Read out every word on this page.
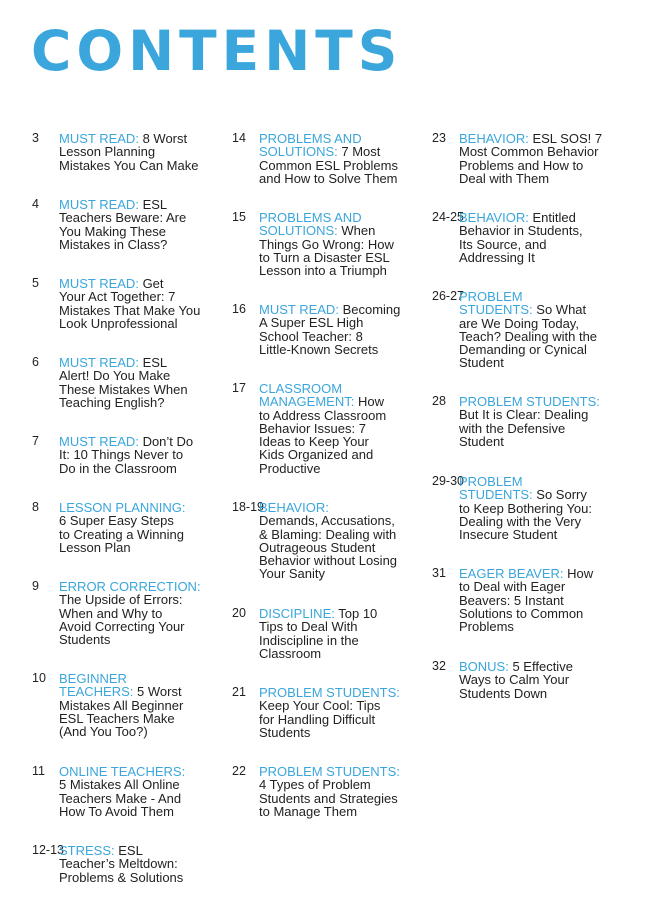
CONTENTS
3	MUST READ: 8 Worst
Lesson Planning
Mistakes You Can Make
4	MUST READ: ESL
Teachers Beware: Are
You Making These
Mistakes in Class?
5	MUST READ: Get
Your Act Together: 7
Mistakes That Make You
Look Unprofessional
6	MUST READ: ESL
Alert! Do You Make
These Mistakes When
Teaching English?
7	MUST READ: Don’t Do
It: 10 Things Never to
Do in the Classroom
8	LESSON PLANNING:
6 Super Easy Steps
to Creating a Winning
Lesson Plan
9	ERROR CORRECTION:
The Upside of Errors:
When and Why to
Avoid Correcting Your
Students
10	BEGINNER
TEACHERS: 5 Worst
Mistakes All Beginner
ESL Teachers Make
(And You Too?)
11	ONLINE TEACHERS:
5 Mistakes All Online
Teachers Make - And
How To Avoid Them
12-13
STRESS: ESL
Teacher’s Meltdown:
Problems & Solutions
14	PROBLEMS AND
SOLUTIONS: 7 Most
Common ESL Problems
and How to Solve Them
15	PROBLEMS AND
SOLUTIONS: When
Things Go Wrong: How
to Turn a Disaster ESL
Lesson into a Triumph
16	MUST READ: Becoming
A Super ESL High
School Teacher: 8
Little-Known Secrets
17	CLASSROOM
MANAGEMENT: How
to Address Classroom
Behavior Issues: 7
Ideas to Keep Your
Kids Organized and
Productive
18-19
BEHAVIOR:
Demands, Accusations,
& Blaming: Dealing with
Outrageous Student
Behavior without Losing
Your Sanity
20	DISCIPLINE: Top 10
Tips to Deal With
Indiscipline in the
Classroom
21	PROBLEM STUDENTS:
Keep Your Cool: Tips
for Handling Difficult
Students
22	PROBLEM STUDENTS:
4 Types of Problem
Students and Strategies
to Manage Them
23	BEHAVIOR: ESL SOS! 7
Most Common Behavior
Problems and How to
Deal with Them
24-25
BEHAVIOR: Entitled
Behavior in Students,
Its Source, and
Addressing It
26-27
PROBLEM
STUDENTS: So What
are We Doing Today,
Teach? Dealing with the
Demanding or Cynical
Student
28	PROBLEM STUDENTS:
But It is Clear: Dealing
with the Defensive
Student
29-30
PROBLEM
STUDENTS: So Sorry
to Keep Bothering You:
Dealing with the Very
Insecure Student
31	EAGER BEAVER: How
to Deal with Eager
Beavers: 5 Instant
Solutions to Common
Problems
32	BONUS: 5 Effective
Ways to Calm Your
Students Down
